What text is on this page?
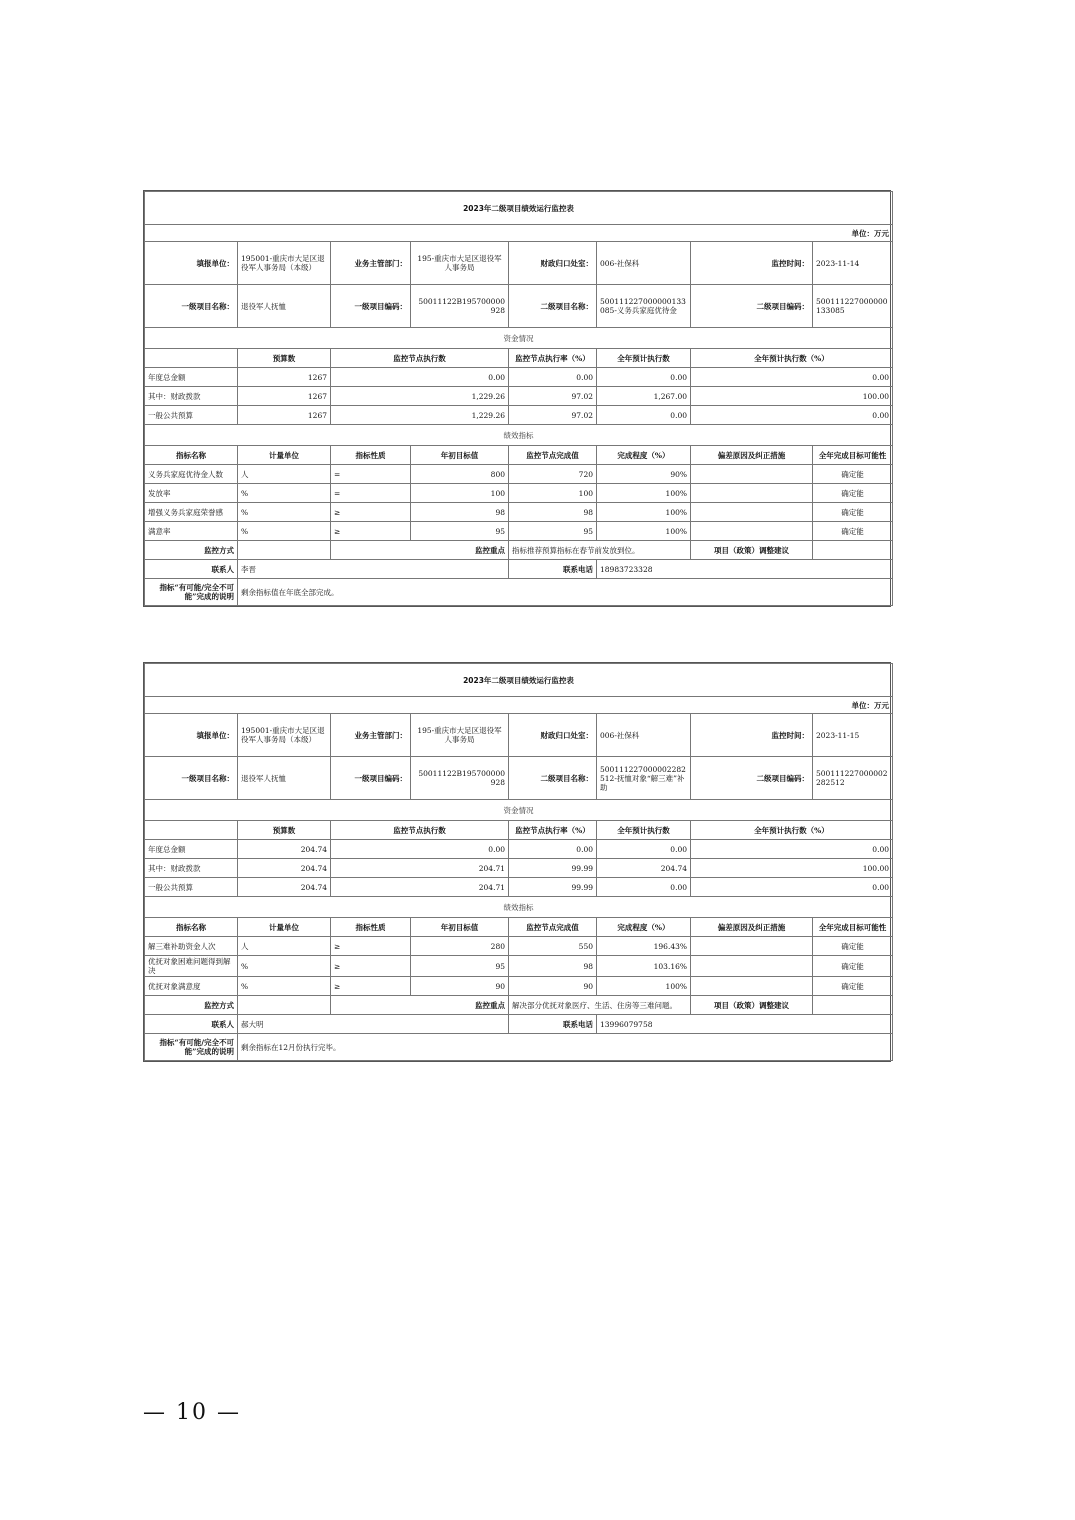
2023年二级项目绩效运行监控表							
单位：万元							
填报单位：	195001-重庆市大足区退役军人事务局（本级）	业务主管部门：	195-重庆市大足区退役军人事务局	财政归口处室：	006-社保科	监控时间：	2023-11-14
一级项目名称：	退役军人抚恤	一级项目编码：	50011122B195700000928	二级项目名称：	500111227000000133085-义务兵家庭优待金	二级项目编码：	500111227000000133085
资金情况							
	预算数	监控节点执行数		监控节点执行率（%）	全年预计执行数	全年预计执行数（%）	
年度总金额	1267	0.00		0.00	0.00	0.00	
其中：财政拨款	1267	1,229.26		97.02	1,267.00	100.00	
一般公共预算	1267	1,229.26		97.02	0.00	0.00	
绩效指标							
指标名称	计量单位	指标性质	年初目标值	监控节点完成值	完成程度（%）	偏差原因及纠正措施	全年完成目标可能性
义务兵家庭优待金人数	人	=	800	720	90%		确定能
发放率	%	=	100	100	100%		确定能
增强义务兵家庭荣誉感	%	≥	98	98	100%		确定能
满意率	%	≥	95	95	100%		确定能
监控方式		监控重点		指标推荐预算指标在春节前发放到位。		项目（政策）调整建议	
联系人	李晋			联系电话	18983723328		
指标“有可能/完全不可能”完成的说明	剩余指标值在年底全部完成。						
2023年二级项目绩效运行监控表							
单位：万元							
填报单位：	195001-重庆市大足区退役军人事务局（本级）	业务主管部门：	195-重庆市大足区退役军人事务局	财政归口处室：	006-社保科	监控时间：	2023-11-15
一级项目名称：	退役军人抚恤	一级项目编码：	50011122B195700000928	二级项目名称：	500111227000002282512-抚恤对象“解三难”补助	二级项目编码：	500111227000002282512
资金情况							
	预算数	监控节点执行数		监控节点执行率（%）	全年预计执行数	全年预计执行数（%）	
年度总金额	204.74	0.00		0.00	0.00	0.00	
其中：财政拨款	204.74	204.71		99.99	204.74	100.00	
一般公共预算	204.74	204.71		99.99	0.00	0.00	
绩效指标							
指标名称	计量单位	指标性质	年初目标值	监控节点完成值	完成程度（%）	偏差原因及纠正措施	全年完成目标可能性
解三难补助资金人次	人	≥	280	550	196.43%		确定能
优抚对象困难问题得到解决	%	≥	95	98	103.16%		确定能
优抚对象满意度	%	≥	90	90	100%		确定能
监控方式		监控重点		解决部分优抚对象医疗、生活、住房等三难问题。		项目（政策）调整建议	
联系人	郝大明			联系电话	13996079758		
指标“有可能/完全不可能”完成的说明	剩余指标在12月份执行完毕。						
— 10 —
